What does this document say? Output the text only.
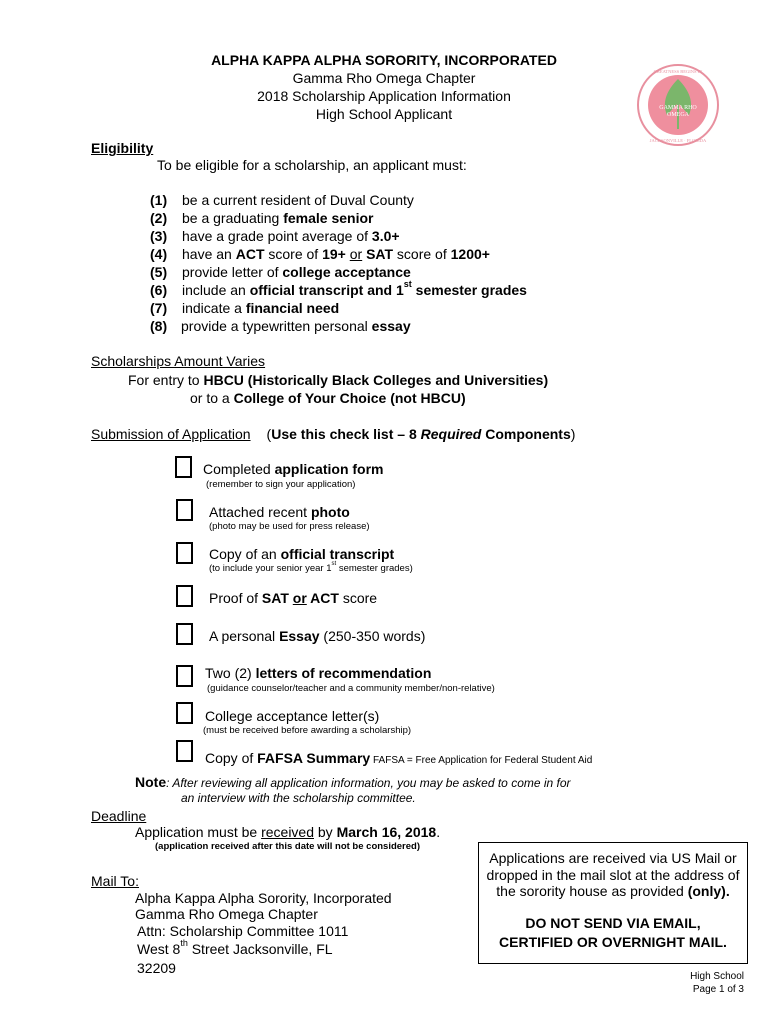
ALPHA KAPPA ALPHA SORORITY, INCORPORATED
Gamma Rho Omega Chapter
2018 Scholarship Application Information
High School Applicant	GAMMA RHO
OMEGA
GREATNESS BEGINS IN
JACKSONVILLE · FLORIDA
Eligibility
To be eligible for a scholarship, an applicant must:
(1) be a current resident of Duval County
(2) be a graduating female senior
(3) have a grade point average of 3.0+
(4) have an ACT score of 19+ or SAT score of 1200+
(5) provide letter of college acceptance
(6) include an official transcript and 1st semester grades
(7) indicate a financial need
(8) provide a typewritten personal essay
Scholarships Amount Varies
For entry to HBCU (Historically Black Colleges and Universities)
or to a College of Your Choice (not HBCU)
Submission of Application (Use this check list – 8 Required Components)
Completed application form
(remember to sign your application)
Attached recent photo
(photo may be used for press release)
Copy of an official transcript
(to include your senior year 1st semester grades)
Proof of SAT or ACT score
A personal Essay (250-350 words)
Two (2) letters of recommendation
(guidance counselor/teacher and a community member/non-relative)
College acceptance letter(s)
(must be received before awarding a scholarship)
Copy of FAFSA Summary FAFSA = Free Application for Federal Student Aid
Note: After reviewing all application information, you may be asked to come in for
an interview with the scholarship committee.
Deadline
Application must be received by March 16, 2018.
(application received after this date will not be considered)
Mail To:
Alpha Kappa Alpha Sorority, Incorporated
Gamma Rho Omega Chapter
Attn: Scholarship Committee 1011
West 8th Street Jacksonville, FL
32209
Applications are received via US Mail or
dropped in the mail slot at the address of
the sorority house as provided (only).
DO NOT SEND VIA EMAIL,
CERTIFIED OR OVERNIGHT MAIL.
High School
Page 1 of 3
